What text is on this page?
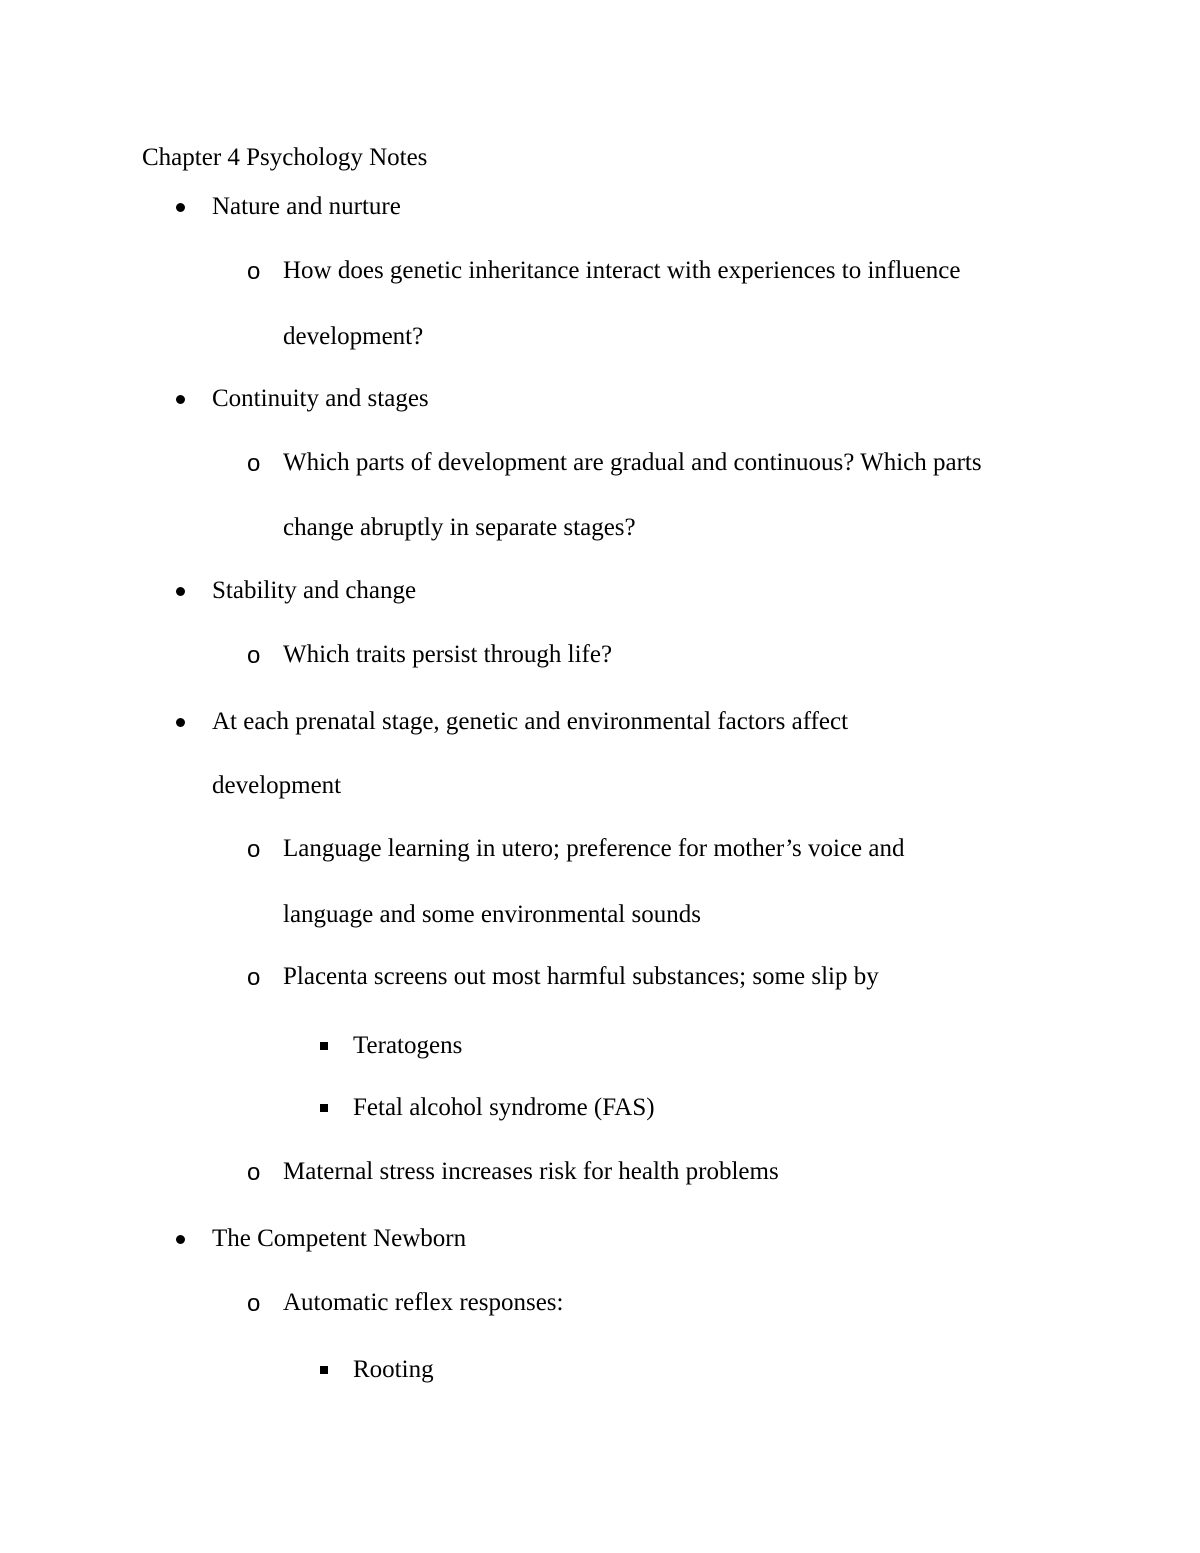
Chapter 4 Psychology Notes
Nature and nurture
o How does genetic inheritance interact with experiences to influence
development?
Continuity and stages
o Which parts of development are gradual and continuous? Which parts
change abruptly in separate stages?
Stability and change
o Which traits persist through life?
At each prenatal stage, genetic and environmental factors affect
development
o Language learning in utero; preference for mother’s voice and
language and some environmental sounds
o Placenta screens out most harmful substances; some slip by
Teratogens
Fetal alcohol syndrome (FAS)
o Maternal stress increases risk for health problems
The Competent Newborn
o Automatic reflex responses:
Rooting
